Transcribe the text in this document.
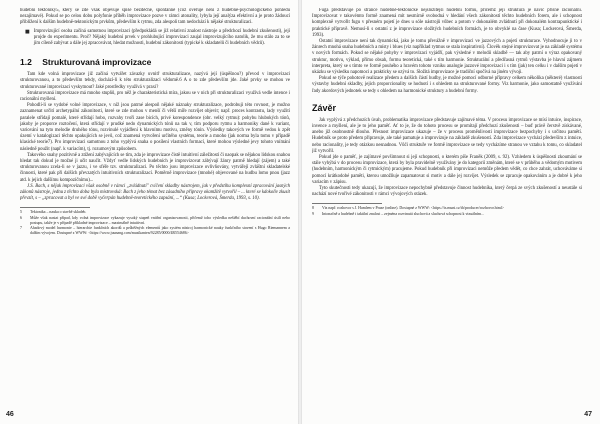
hudební tektoniky5, který se zde však objevuje spíše bezděčně, spontánně (což ověřuje není z hudebně-psychologického pohledu nezajímavé). Pokud se po celou dobu polyfonie příběh improvizace pozve v rámci atonality, lybyla její analýza efektivní a je proto žádoucí přiblížení k dalším hudebně-tektonickým prvkům, především k rytmu, zda alespoň tam nedochází k nějaké strukturalizaci.

■ Improvizující osoba začíná samotnou improvizaci (předpokládá se již relativní znalost nástroje a předchozí hudební zkušenosti), její projde do experimentu. Proč? Nějaký hudební prvek v prohlubující improvizaci zaujal improvizujícího natolik, že mu stálo za to se jím cíleně zabývat a dále jej zpracovávat, hledat možnosti, hudební zákonitosti (typické k skladatelů či hudebních vědců).
1.2 Strukturovaná improvizace

Tam kde volná improvizace již začíná vytvářet závazky uvnitř strukturalizace, nazývá její (úspěšnou?) převod v improvizaci strukturovanou, a to především tehdy, dochází-li k této strukturalizaci vědomě.6 A o to zde především jde. Jaké prvky se mohou ve strukturované improvizaci vyskytnout? Jaké prostředky využívá v praxi?

Strukturovaná improvizace má mnoho stupňů, pro něž je charakteristická míra, jakou se v nich při strukturalizaci využívá vedle intence i racionální myšlení.

Pohodlí-li se vydobé volné improvizace, v níž jsou patrné alespoň nějaké náznaky strukturalizace, podrobuji této rovnost, je možno zaznamenat určití archetypální zákonitosti, které se zde mohou v menší či větší míře rozvíjet objevit; např. proces kontrastu, lady využití paralele střídají pomalé, které střídají hobo, rozvahy tvoři zase bicích, privé korespondence (obr. velký rytmu): pohybu hlubokých tónů, jakoby je proporce roztočení, která střídají v prudké nedo dynamických tónů na tak v, tím podporu rytmu a harmoniky dané k variant, variování na tyto melodie druhého tónu, rozvinulé vyjádření k hlavnímu motivu, změny tónin. Výsledky takových ve formě vedou k zpět území v katalogizaci těchto opakujících se jevů, což znamená vytvoření určitého systému, teorie a mnoho (jak norma byla tomu v případě klasické teorie7). Pro improvizaci samotnou z toho vyplývá snaha o posílení vlastních formací, které mohou výsledné jevy tohoto vnímání následně použit (např. k variacím), tj. rozumovým způsobem.

Takového snahy pozitivně a ztižení zabývajících se tím, zda je improvizace čistě intuitivní záležitostí či naopak se nějakou lidskou snahou hledat tak dokud je možné ji učit naučit. Vždyť vedle lidských hudebních je improvizovat zábývají žánry patrně hledají (zájem) a také strukturovanou zcela-li se v jazzu, i ve sféře tzv. strukturalizaci. Po těchto jsou improvizace ovlivňovány, vytvářejí zvláštní skladatelské činnosti, které pak při dalších převzatých intuitivních strukturalizací. Poměrně improvizace (mnohé) objevované na hudbu lomo pnou (jazz atd. k jejich dalšímu kompozičnímu)...

J.S. Bach, s nějak improvizaci však osobně v rámci „zvládnutí" cvičení skladby nástrojem, jak v předstihu komplexní zpracování jasných zákonů nástroje, jednu z těchto doba byla mistrovská: Bach z jeho témat bez zásadního přípravy okamžitě vytvořil – ... které se kdokoliv zkusit převzít, s – „zpracovat a byl ve své době vyčerpán hudebně-teoretického zapsání, ...“ (Kusa; Lockerová, Šmerda, 1993, s. 10).

5	Tektonika – nauka o stavbě skladeb.
6	Může však nastat případ, kdy volná improvizace vykazuje vysoký stupeň vnitřní organizovanosti, přičemž toho výsledku neštěbí duchovní racionální úsilí nebo postupu, takže je v případě příkladné improvizace – maximálně intuitivní.
7	Ahadový model harmonie – hierarchie funkčních akordů a průběžných elementů jako systém nástroj harmonické nauky funkčního stavení s Hugo Riemannem a dalším vývojem. Dostupné z WWW: <https://www.juunang.com/musikanten/92285/0000/4R554686>

Fuga představuje po stránce hudebně-tektonické nejsložitější hudební formu, přičemž její struktura je navíc přísně racionální. Improvizovat v takovémto formě znamená mít nesmírně svobodná v hledání všech zákonitostí těchto hudebních forem, ale i schopnost komplexně vytvořit fugu v přesném pojetí je dnes u sóle nástrojů vůbec a potom v dokonalém zvládnutí při dokonalém kontrapunktické i praktické přípravě. Nemusí-li s ostatní z je improvizace složitých hudebních formách, je to obvyklé na čase (Kusa; Lockerová, Šmerda, 1993).

Ostatní improvizace není tak dynamická, jako je tomu převážně v improvizaci ve jazzových a pojetí strukturace. Vyhodnocuje ji to v žánrech mnohá snaha hudebních a místy i blues (viz například rytmus se stala inspirativní). Člověk stejné improvizovat je na základě systému v nových formách. Pokud se nějaké pohyby v improvizaci vyjádří, pak výsledné v melodii skladbě — tak aby patrní o výraz opakovaný struktur, motivu, výklad, přímo obsah, formu teoretická, také s tím harmonie. Strukturální a předčasná rytmů výstavba je hlavní zájmem interpreta, který se s tímto ve formě pouhého a hravém tohoto vzniku analogie jazzové improvizaci i s tím (jak) ten celku i v dalším pojetí v ukázku se výsledku napomoci a prakticky se ozývá to. Složitá improvizace je tradiční spočívá na jiném vývoji.

Pokud se týče pohotově realizace předem a dalších částí hudby, je možné pomocí odborné přípravy celkem několika (některé) vlastnosti výstavby hudební skladby, jejich proporcionality se hodnotí i s ohledem na strukturované formy. Viz harmonie, jako samostatně využívání řady akordových jednotek se tedy s ohledem na harmonické struktury a hudební formy.

Závěr

Jak vyplývá z předchozích úvah, problematika improvizace představuje zajímavé téma. V procesu improvizace se mísí intuice, inspirace, invence a myšlení, ale je to jeho paměť. Ať to je, že do tohoto procesu se promítají předchozí zkušenosti – buď právě čerstvě získávané, anebo již osobnostně dlouho. Přesnost improvizace ukazuje – že v procesu proměnlivosti improvizace bezpochyby i s určitou pamětí. Hudebník se proto předem připravuje, ale také pamatuje a improvizuje na základě zkušeností. Zda improvizace vychází především z intuice, nebo racionality, je tedy otázkou nesnadnou. Vůči struktuře ve formě improvizace se tedy vycházíme stranou ve vztahu k tomu, co skladatel již vytvořil.

Pokud jde o paměť, je zajímavé povšimnout si její schopnosti, o kterém píše Franěk (2009, s. 92). Vzhledem k úspěšnosti zkoumání se stále vyhýbá v do procesu improvizace, která by byla pravidelně využívány je do kategorií změnám, které se v průběhu a vědomým motivem (hudebním, harmonickým či rytmickým) pracujeme. Pokud hudebník při improvizaci nemůže předem vědět, co chce zahrát, uchováváme si pomocí krátkodobé paměti, kterou umožňuje zapamatovat si motiv a dále jej rozvíjet. Výsledek se zpracuje opakováním a je dobré k jeho variacím v zápisu.

Tyto skutečnosti tedy ukazují, že improvizace nepochybně představuje činnost hudebníka, který čerpá ze svých zkušeností a neustále si nachází nové tvořivé zákonitosti v rámci vývojových otázek.

8	Viz např. rozhovor s J. Hamlem v Praze (online). Dostupné z WWW: <https://is.muni.cz/th/producer/rozhovor.html>
9	Intonačně a hudebně i taktilní znalost – zejména rozvinutá sluchová a sluchová schopnost k vizuálním...
46	47
